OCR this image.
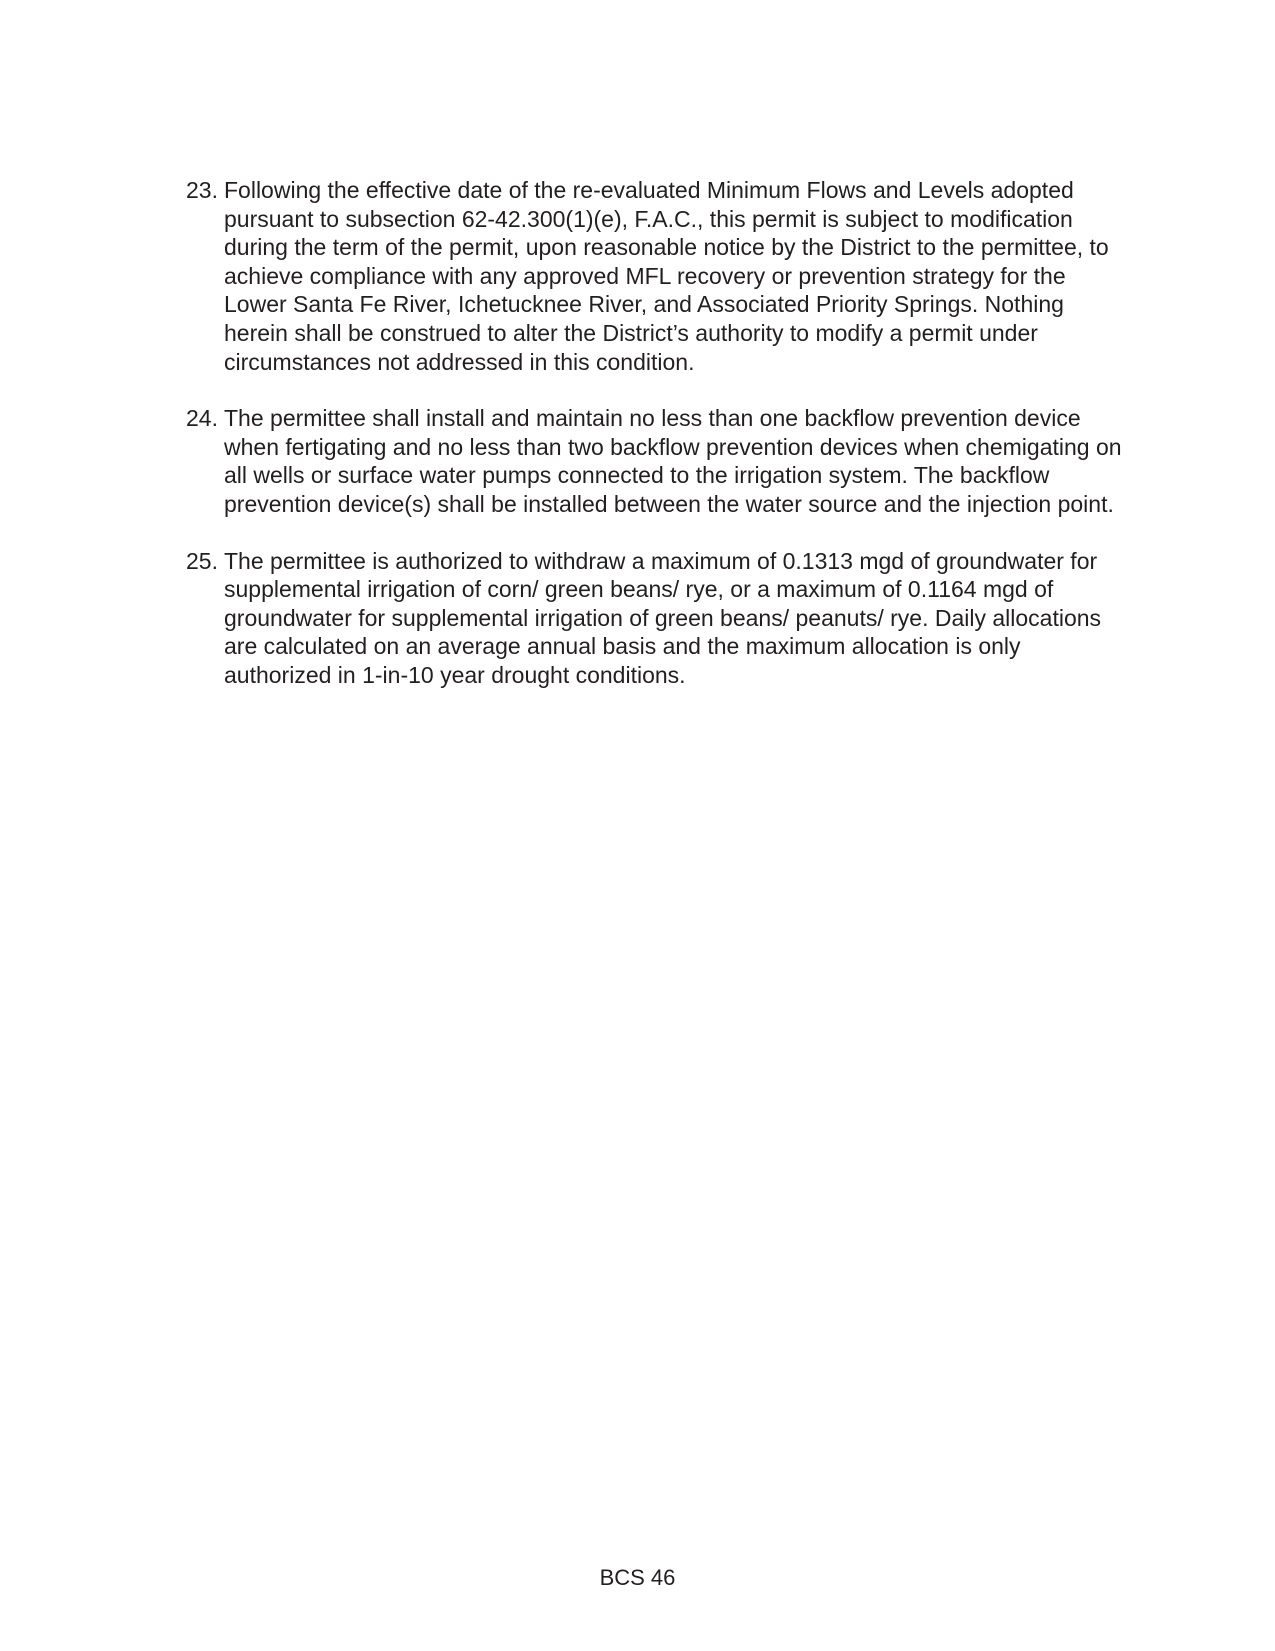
23. Following the effective date of the re-evaluated Minimum Flows and Levels adopted pursuant to subsection 62-42.300(1)(e), F.A.C., this permit is subject to modification during the term of the permit, upon reasonable notice by the District to the permittee, to achieve compliance with any approved MFL recovery or prevention strategy for the Lower Santa Fe River, Ichetucknee River, and Associated Priority Springs. Nothing herein shall be construed to alter the District’s authority to modify a permit under circumstances not addressed in this condition.

24. The permittee shall install and maintain no less than one backflow prevention device when fertigating and no less than two backflow prevention devices when chemigating on all wells or surface water pumps connected to the irrigation system. The backflow prevention device(s) shall be installed between the water source and the injection point.

25. The permittee is authorized to withdraw a maximum of 0.1313 mgd of groundwater for supplemental irrigation of corn/ green beans/ rye, or a maximum of 0.1164 mgd of groundwater for supplemental irrigation of green beans/ peanuts/ rye. Daily allocations are calculated on an average annual basis and the maximum allocation is only authorized in 1-in-10 year drought conditions.

BCS 46
